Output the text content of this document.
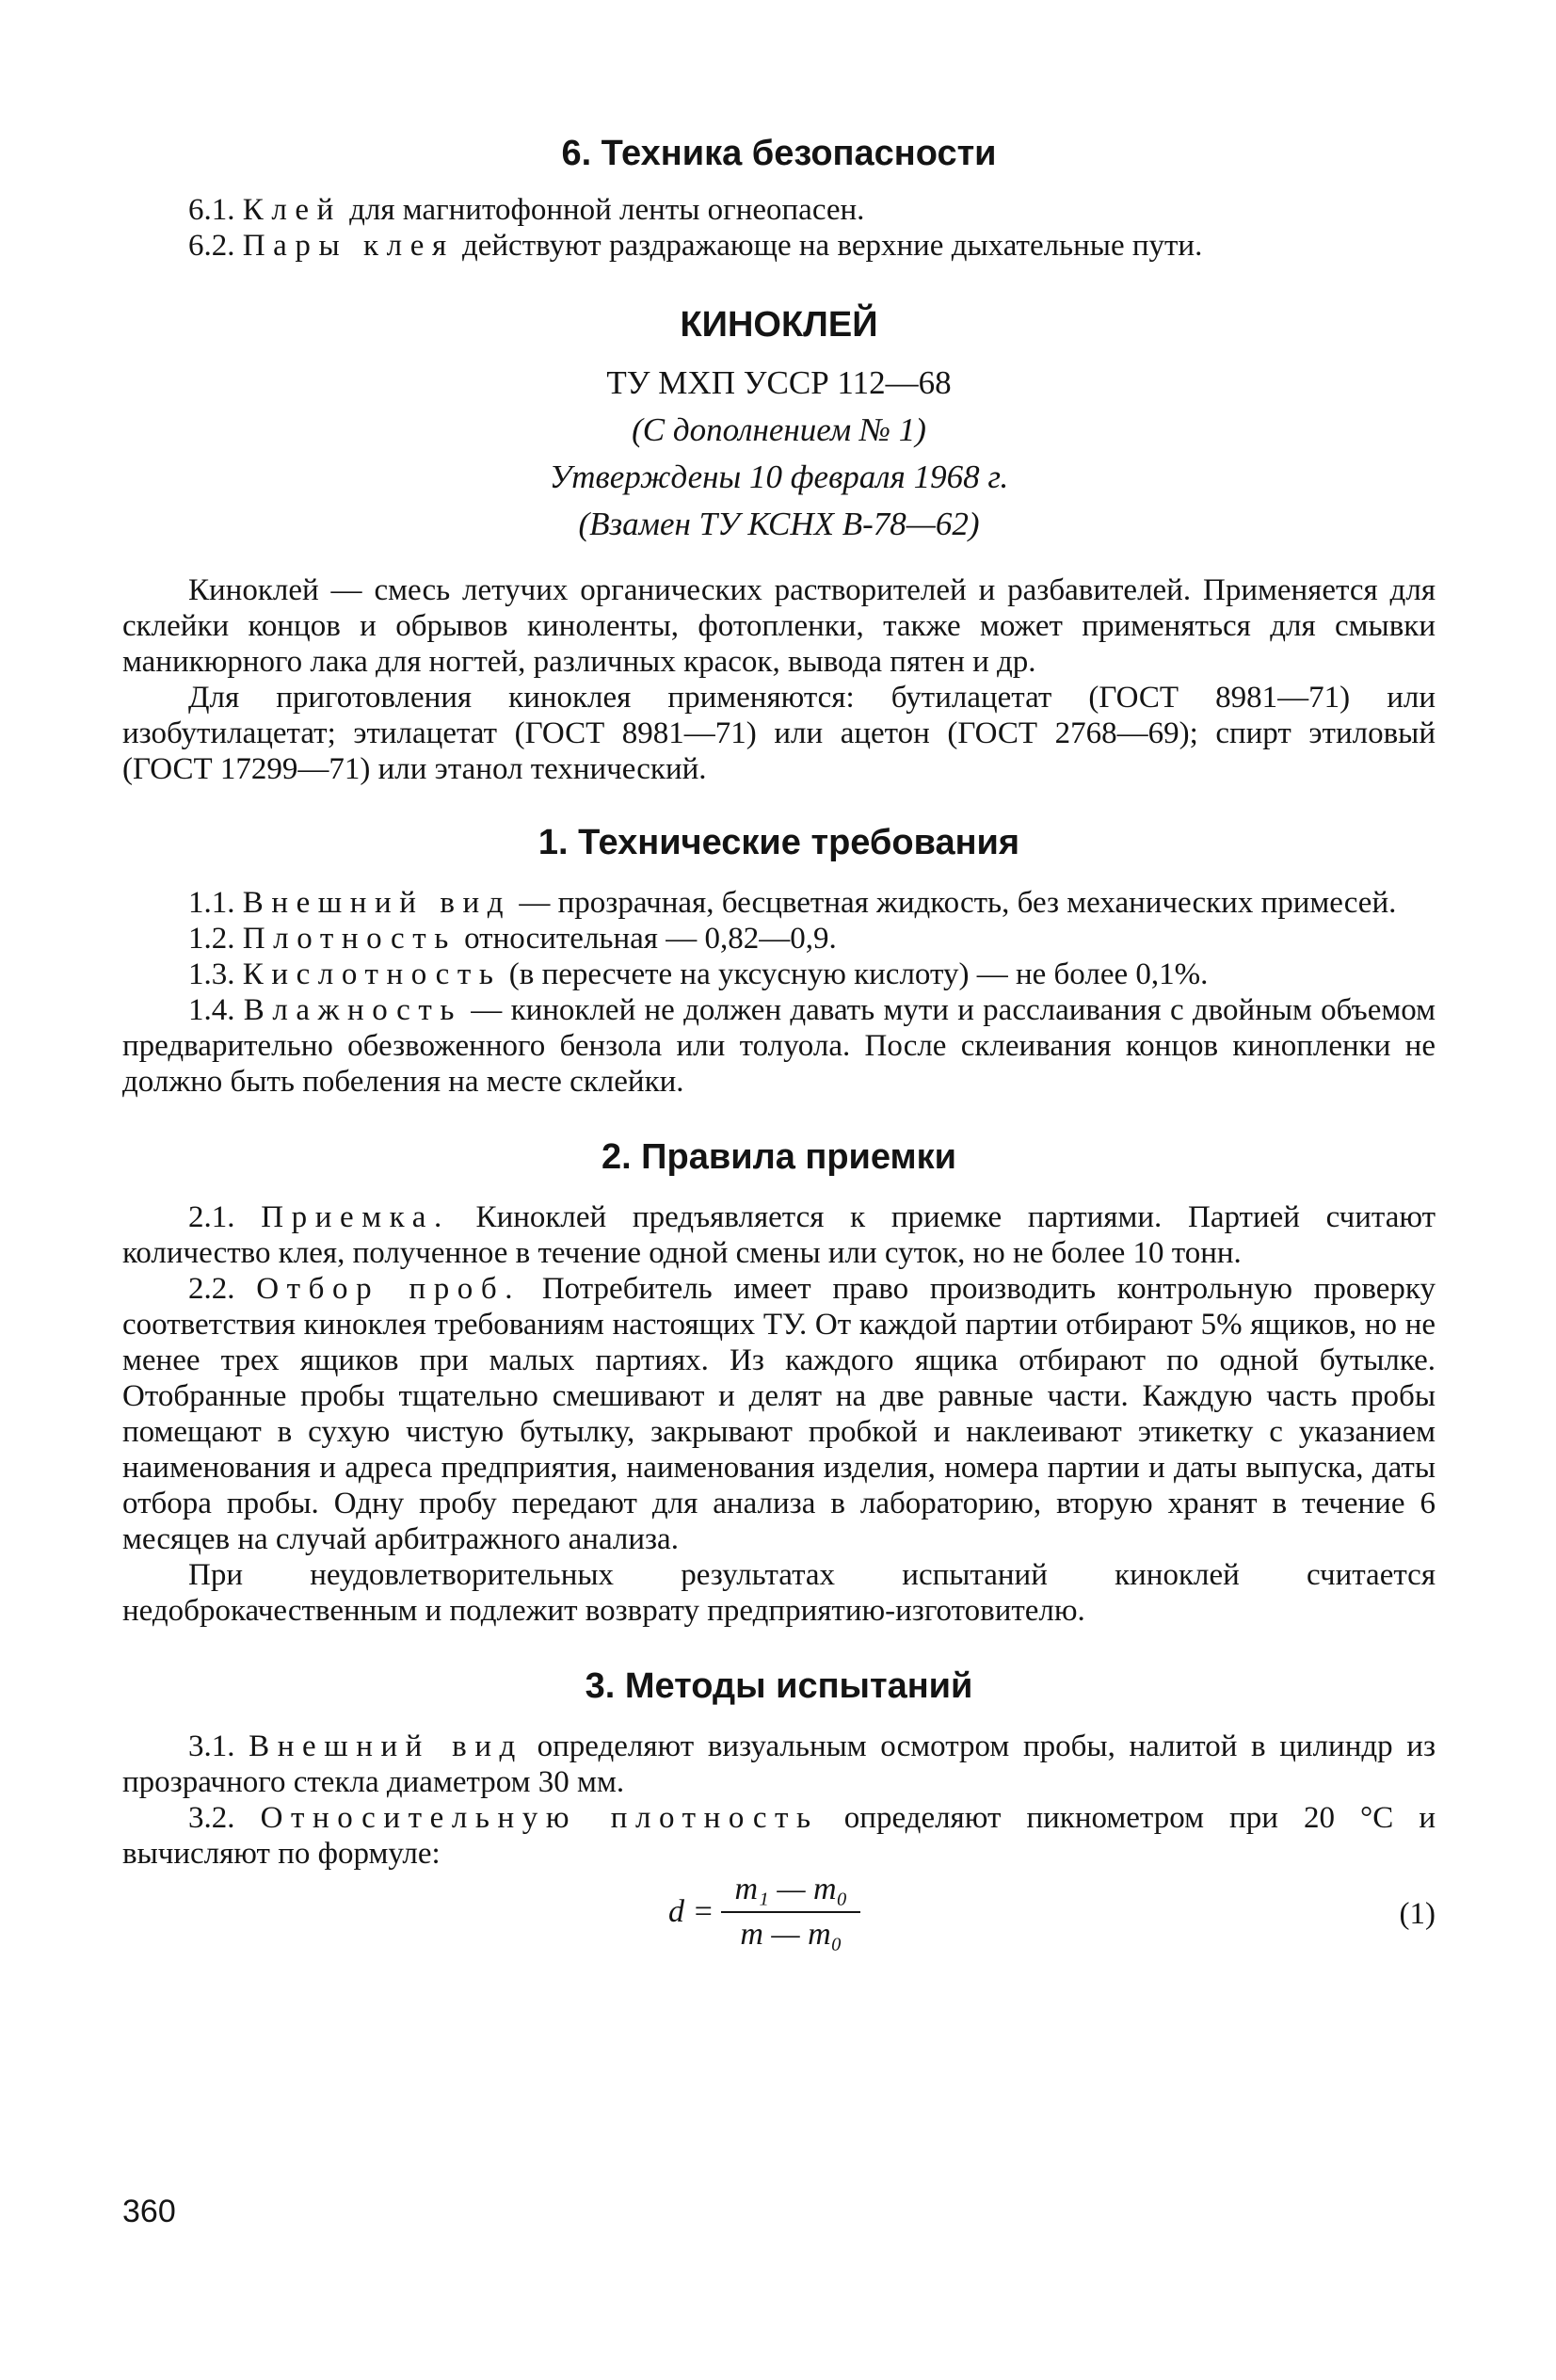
6. Техника безопасности

6.1. Клей для магнитофонной ленты огнеопасен.

6.2. Пары клея действуют раздражающе на верхние дыхательные пути.

КИНОКЛЕЙ
ТУ МХП УССР 112—68
(С дополнением № 1)
Утверждены 10 февраля 1968 г.
(Взамен ТУ КСНХ В-78—62)

Киноклей — смесь летучих органических растворителей и разбавителей. Применяется для склейки концов и обрывов киноленты, фотопленки, также может применяться для смывки маникюрного лака для ногтей, различных красок, вывода пятен и др.

Для приготовления киноклея применяются: бутилацетат (ГОСТ 8981—71) или изобутилацетат; этилацетат (ГОСТ 8981—71) или ацетон (ГОСТ 2768—69); спирт этиловый (ГОСТ 17299—71) или этанол технический.

1. Технические требования

1.1. Внешний вид — прозрачная, бесцветная жидкость, без механических примесей.

1.2. Плотность относительная — 0,82—0,9.

1.3. Кислотность (в пересчете на уксусную кислоту) — не более 0,1%.

1.4. Влажность — киноклей не должен давать мути и расслаивания с двойным объемом предварительно обезвоженного бензола или толуола. После склеивания концов кинопленки не должно быть побеления на месте склейки.

2. Правила приемки

2.1. Приемка. Киноклей предъявляется к приемке партиями. Партией считают количество клея, полученное в течение одной смены или суток, но не более 10 тонн.

2.2. Отбор проб. Потребитель имеет право производить контрольную проверку соответствия киноклея требованиям настоящих ТУ. От каждой партии отбирают 5% ящиков, но не менее трех ящиков при малых партиях. Из каждого ящика отбирают по одной бутылке. Отобранные пробы тщательно смешивают и делят на две равные части. Каждую часть пробы помещают в сухую чистую бутылку, закрывают пробкой и наклеивают этикетку с указанием наименования и адреса предприятия, наименования изделия, номера партии и даты выпуска, даты отбора пробы. Одну пробу передают для анализа в лабораторию, вторую хранят в течение 6 месяцев на случай арбитражного анализа.

При неудовлетворительных результатах испытаний киноклей считается недоброкачественным и подлежит возврату предприятию-изготовителю.

3. Методы испытаний

3.1. Внешний вид определяют визуальным осмотром пробы, налитой в цилиндр из прозрачного стекла диаметром 30 мм.

3.2. Относительную плотность определяют пикнометром при 20 °С и вычисляют по формуле:

$d = \frac{\text{m₁ — m₀}}{\text{m — m₀}}$	(1)
360
